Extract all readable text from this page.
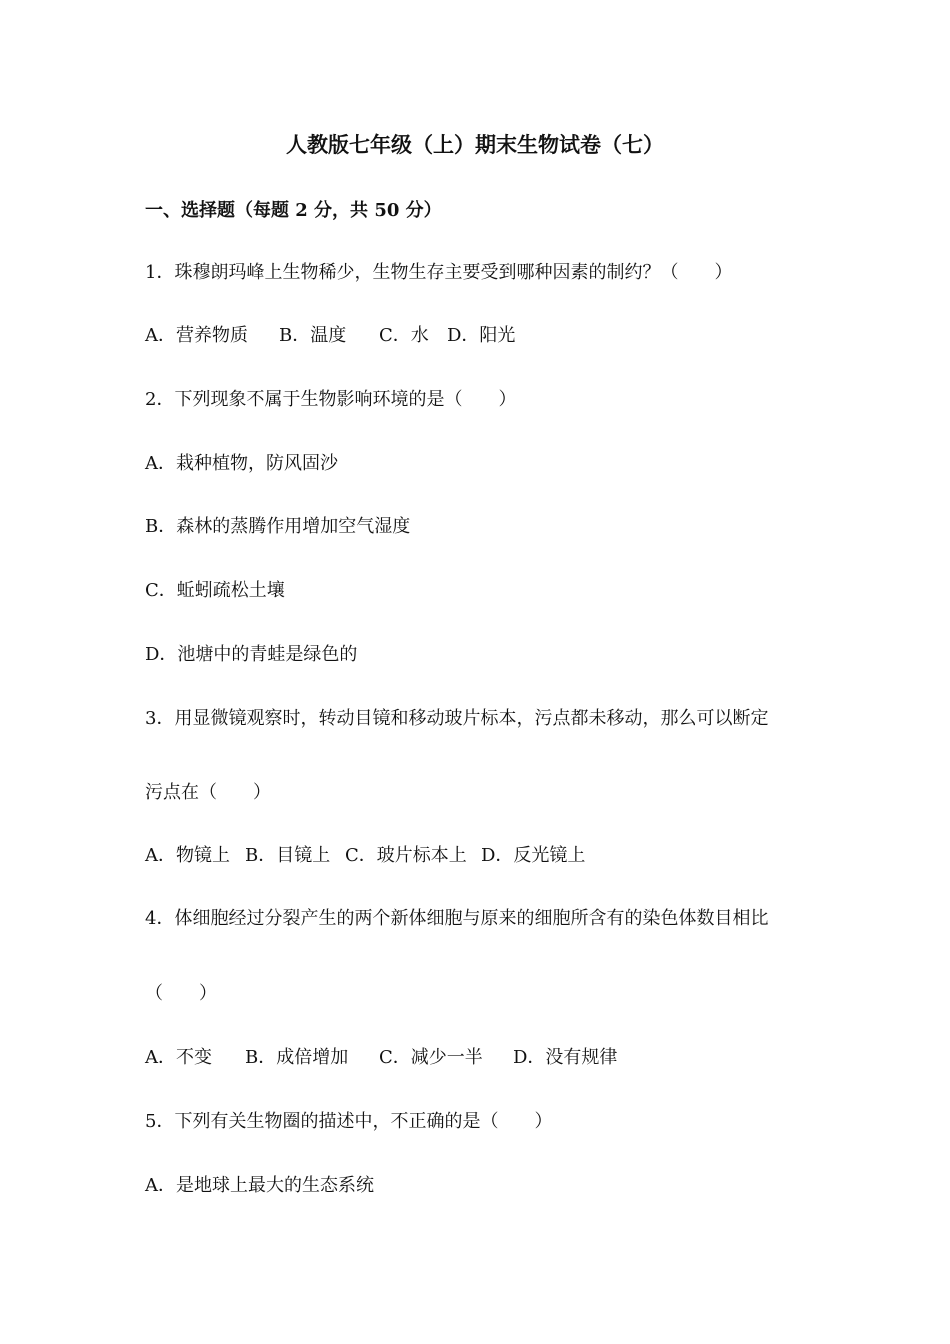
人教版七年级（上）期末生物试卷（七）
一、选择题（每题 2 分，共 50 分）
1．珠穆朗玛峰上生物稀少，生物生存主要受到哪种因素的制约？（　　）
A．营养物质 B．温度 C．水 D．阳光
2．下列现象不属于生物影响环境的是（　　）
A．栽种植物，防风固沙
B．森林的蒸腾作用增加空气湿度
C．蚯蚓疏松土壤
D．池塘中的青蛙是绿色的
3．用显微镜观察时，转动目镜和移动玻片标本，污点都未移动，那么可以断定
污点在（　　）
A．物镜上 B．目镜上 C．玻片标本上 D．反光镜上
4．体细胞经过分裂产生的两个新体细胞与原来的细胞所含有的染色体数目相比
（　　）
A．不变 B．成倍增加 C．减少一半 D．没有规律
5．下列有关生物圈的描述中，不正确的是（　　）
A．是地球上最大的生态系统
